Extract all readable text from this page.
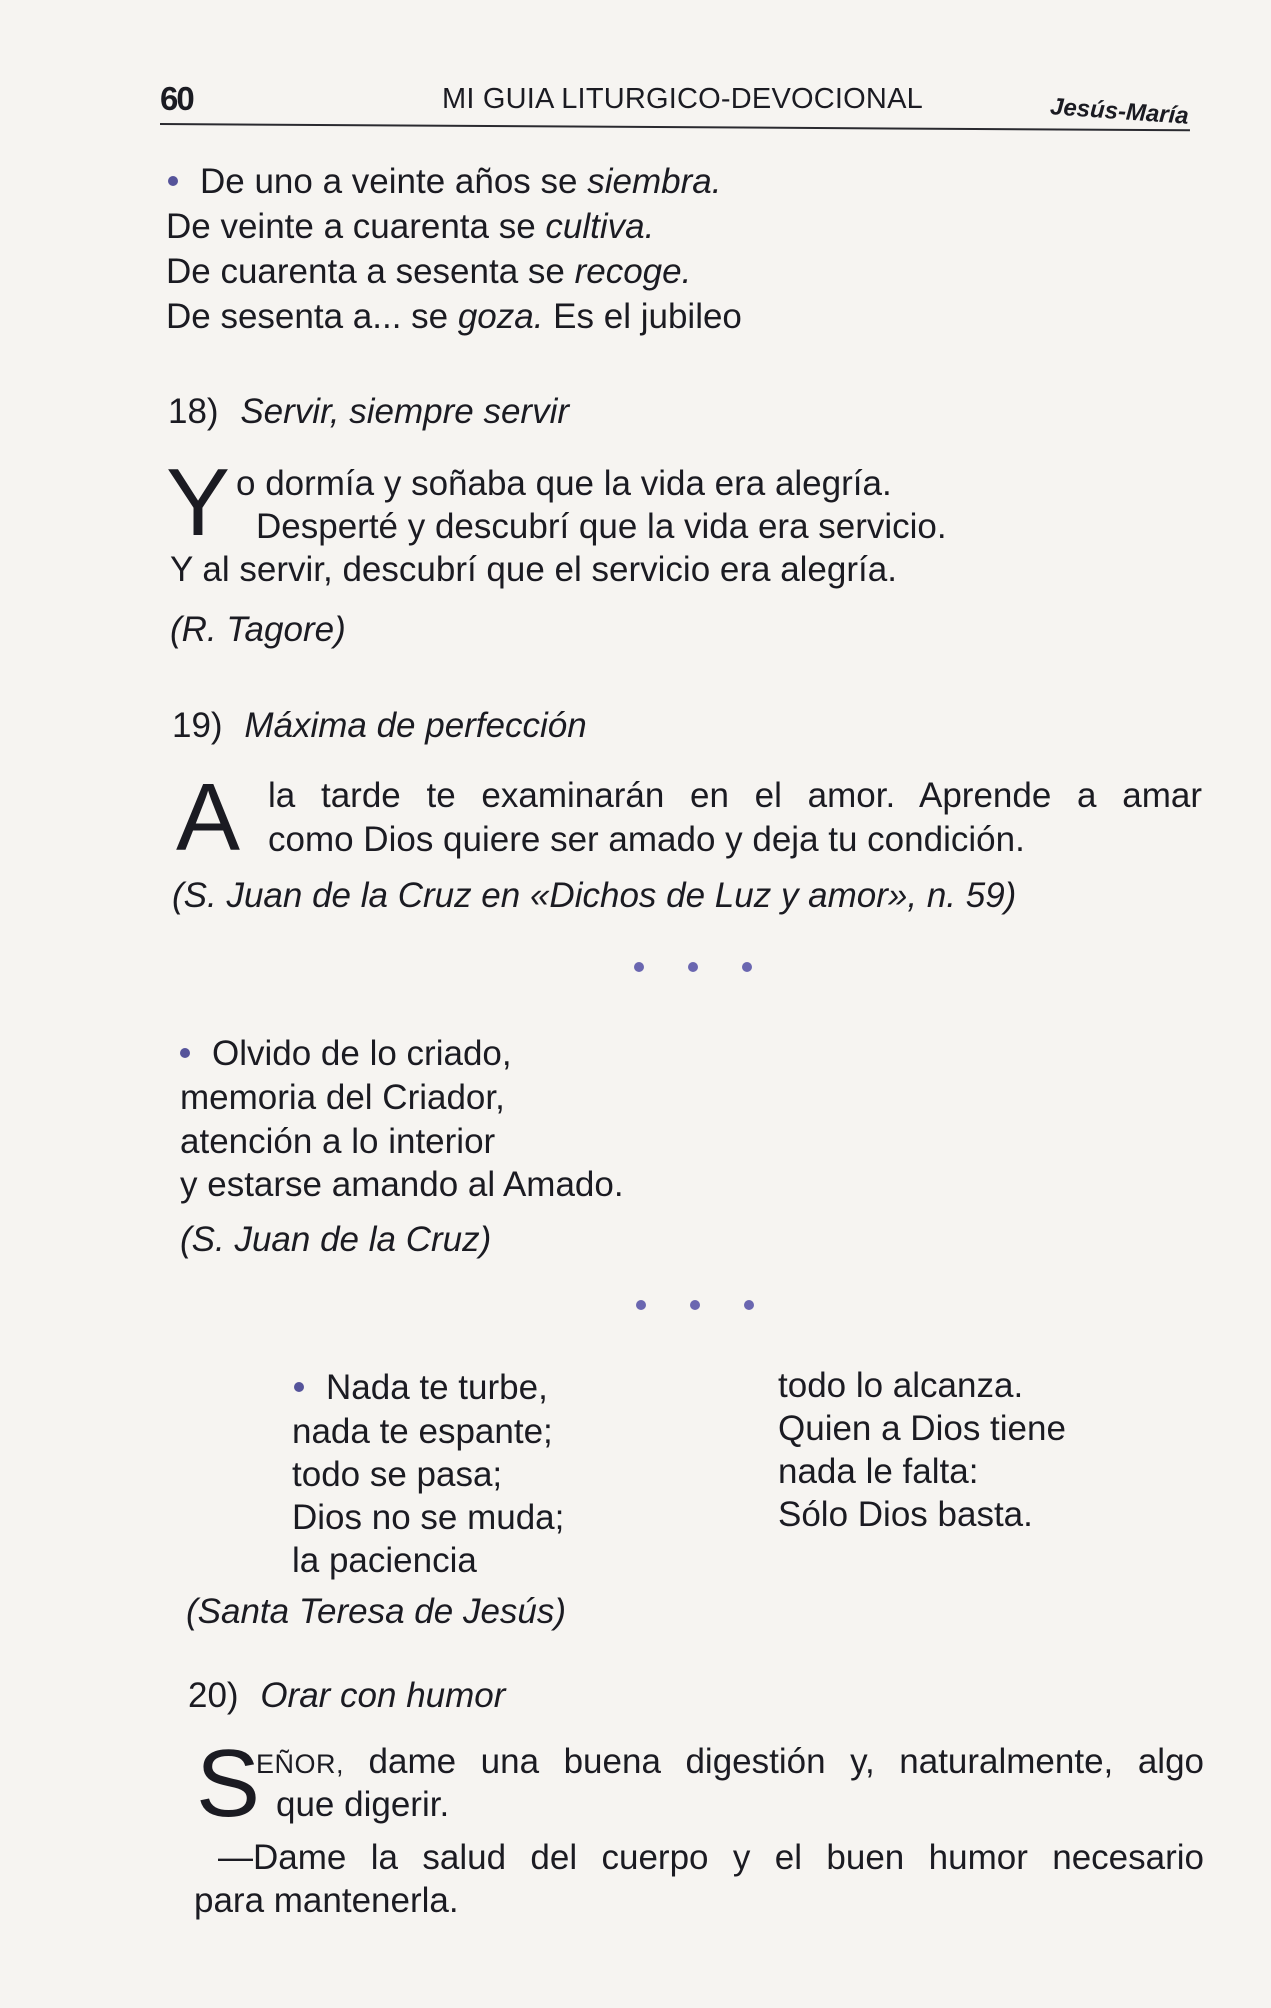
60	MI GUIA LITURGICO-DEVOCIONAL	Jesús-María
De uno a veinte años se siembra.
De veinte a cuarenta se cultiva.
De cuarenta a sesenta se recoge.
De sesenta a... se goza. Es el jubileo
18) Servir, siempre servir
Y o dormía y soñaba que la vida era alegría.
Desperté y descubrí que la vida era servicio.
Y al servir, descubrí que el servicio era alegría.
(R. Tagore)
19) Máxima de perfección
A la tarde te examinarán en el amor. Aprende a amar
como Dios quiere ser amado y deja tu condición.
(S. Juan de la Cruz en «Dichos de Luz y amor», n. 59)
Olvido de lo criado,
memoria del Criador,
atención a lo interior
y estarse amando al Amado.
(S. Juan de la Cruz)
Nada te turbe,
nada te espante;
todo se pasa;
Dios no se muda;
la paciencia
todo lo alcanza.
Quien a Dios tiene
nada le falta:
Sólo Dios basta.
(Santa Teresa de Jesús)
20) Orar con humor
S
EÑOR, dame una buena digestión y, naturalmente, algo
que digerir.
—Dame la salud del cuerpo y el buen humor necesario
para mantenerla.
